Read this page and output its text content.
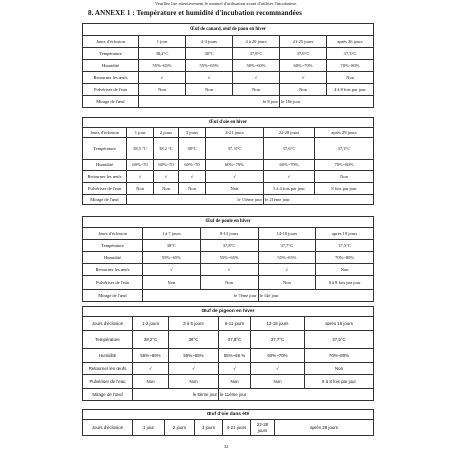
Veuillez lire attentivement le manuel d'utilisation avant d'utiliser l'incubateur.
8. ANNEXE 1 : Température et humidité d'incubation recommandées
Œuf de canard, œuf de paon en hiver					
Jours d'éclosion	1 jour	2-3 jours	4 à 20 jours	21-25 jours	après 26 jours
Température	38,2°C	38°C	37,8°C	37,6°C	37,3°C
Humidité	55%~65%	55%~65%	50%~60%	60%~70%	70%~80%
Retourner les œufs	√	√	√	√	Non
Pulvériser de l'eau	Non	Non	Non	Non	4 à 8 fois par jour
Mirage de l'œuf	le 8 jour			le 18e jour	
Œuf d'oie en hiver						
Jours d'éclosion	1 jour	2 jours	3 jours	4-21 jours	22-28 jours	après 29 jours
Température	38,5 °C	38.2 °C	38°C	37. 8°C	37,6°C	37,3°C
Humidité	60%~70	60%~70	60%~70	60%~70%	60%~70%	70%~80%
Retourner les œufs	√	√	√	√	√	Non
Pulvériser de l'eau	Non	Non	Non	Non	3 à 4 fois par jour	8 fois par jour
Mirage de l'œuf	le 11ème jour				le 21ème jour	
Œuf de poule en hiver				
Jours d'éclosion	1 à 7 jours	8-13 jours	14-18 jours	après 19 jours
Température	38°C	37,8°C	37,7°C	37,5°C
Humidité	55%~65%	55%~65%	55%~65%	70%~80%
Retourner les œufs	√	√	√	Non
Pulvériser de l'eau	Non	Non	Non	6 à 8 fois par jour
Mirage de l'œuf	le 7ème jour		le 14e jour	
Œuf de pigeon en hiver					
Jours d'éclosion	1-2 jours	3 à 5 jours	6-11 jours	12-15 jours	après 16 jours
Température	38,2°C	38°C	37,8°C	37,7°C	37,5°C
Humidité	55%~65%	55%~65%	55%~65 %	60%~70%	70%~80%
Retourner les œufs	√	√	√	√	Non
Pulvériser de l'eau	Non	Non	Non	Non	6 à 8 fois par jour
Mirage de l'œuf	le 5ème jour		le 11ème jour		
Œuf d'oie dans été
Jours d'éclosion	1 jour	2 jours	3 jours	4-21 jours	22-28 jours	après 29 jours
32
